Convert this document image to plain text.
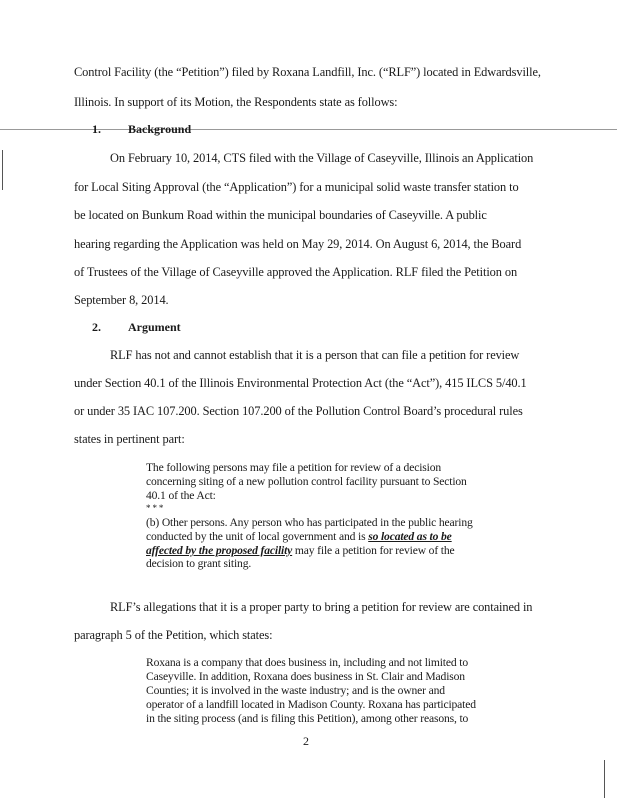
Control Facility (the “Petition”) filed by Roxana Landfill, Inc. (“RLF”) located in Edwardsville,
Illinois. In support of its Motion, the Respondents state as follows:
1. Background
On February 10, 2014, CTS filed with the Village of Caseyville, Illinois an Application
for Local Siting Approval (the “Application”) for a municipal solid waste transfer station to
be located on Bunkum Road within the municipal boundaries of Caseyville. A public
hearing regarding the Application was held on May 29, 2014. On August 6, 2014, the Board
of Trustees of the Village of Caseyville approved the Application. RLF filed the Petition on
September 8, 2014.
2. Argument
RLF has not and cannot establish that it is a person that can file a petition for review
under Section 40.1 of the Illinois Environmental Protection Act (the “Act”), 415 ILCS 5/40.1
or under 35 IAC 107.200. Section 107.200 of the Pollution Control Board’s procedural rules
states in pertinent part:
The following persons may file a petition for review of a decision
concerning siting of a new pollution control facility pursuant to Section
40.1 of the Act:
* * *
(b) Other persons. Any person who has participated in the public hearing
conducted by the unit of local government and is so located as to be
affected by the proposed facility may file a petition for review of the
decision to grant siting.
RLF’s allegations that it is a proper party to bring a petition for review are contained in
paragraph 5 of the Petition, which states:
Roxana is a company that does business in, including and not limited to
Caseyville. In addition, Roxana does business in St. Clair and Madison
Counties; it is involved in the waste industry; and is the owner and
operator of a landfill located in Madison County. Roxana has participated
in the siting process (and is filing this Petition), among other reasons, to
2
